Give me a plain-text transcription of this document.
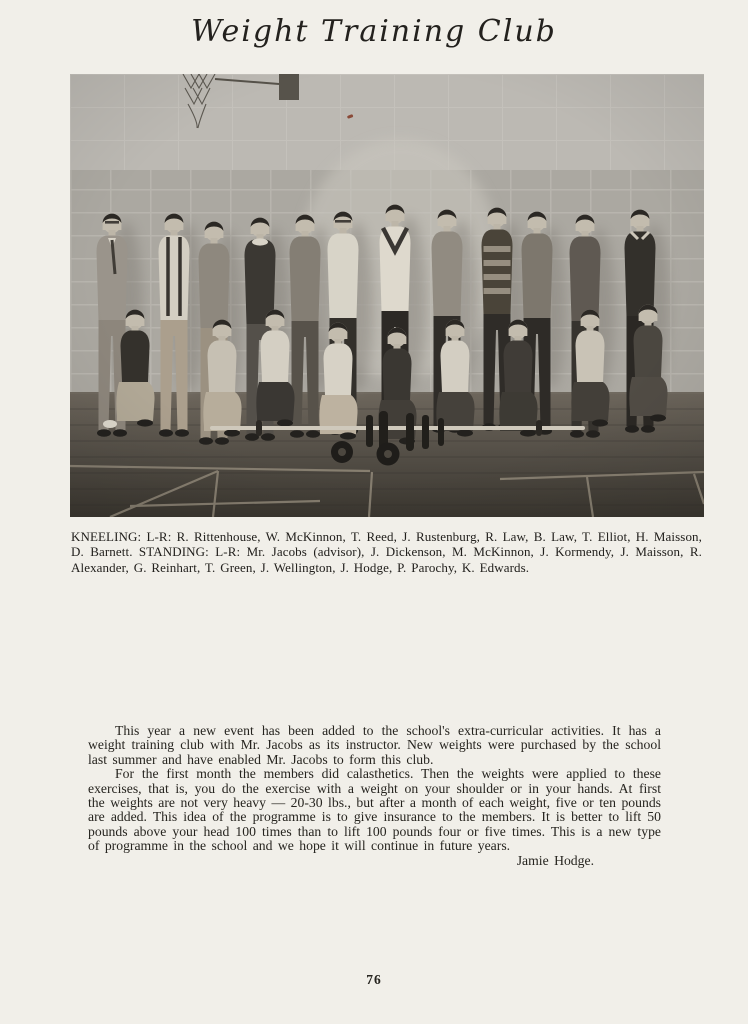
Weight Training Club

KNEELING: L-R: R. Rittenhouse, W. McKinnon, T. Reed, J. Rustenburg, R. Law, B. Law, T. Elliot, H. Maisson, D. Barnett. STANDING: L-R: Mr. Jacobs (advisor), J. Dickenson, M. McKinnon, J. Kormendy, J. Maisson, R. Alexander, G. Reinhart, T. Green, J. Wellington, J. Hodge, P. Parochy, K. Edwards.

This year a new event has been added to the school's extra-curricular activities. It has a weight training club with Mr. Jacobs as its instructor. New weights were purchased by the school last summer and have enabled Mr. Jacobs to form this club.

For the first month the members did calasthetics. Then the weights were applied to these exercises, that is, you do the exercise with a weight on your shoulder or in your hands. At first the weights are not very heavy — 20-30 lbs., but after a month of each weight, five or ten pounds are added. This idea of the programme is to give insurance to the members. It is better to lift 50 pounds above your head 100 times than to lift 100 pounds four or five times. This is a new type of programme in the school and we hope it will continue in future years.

Jamie Hodge.

76
